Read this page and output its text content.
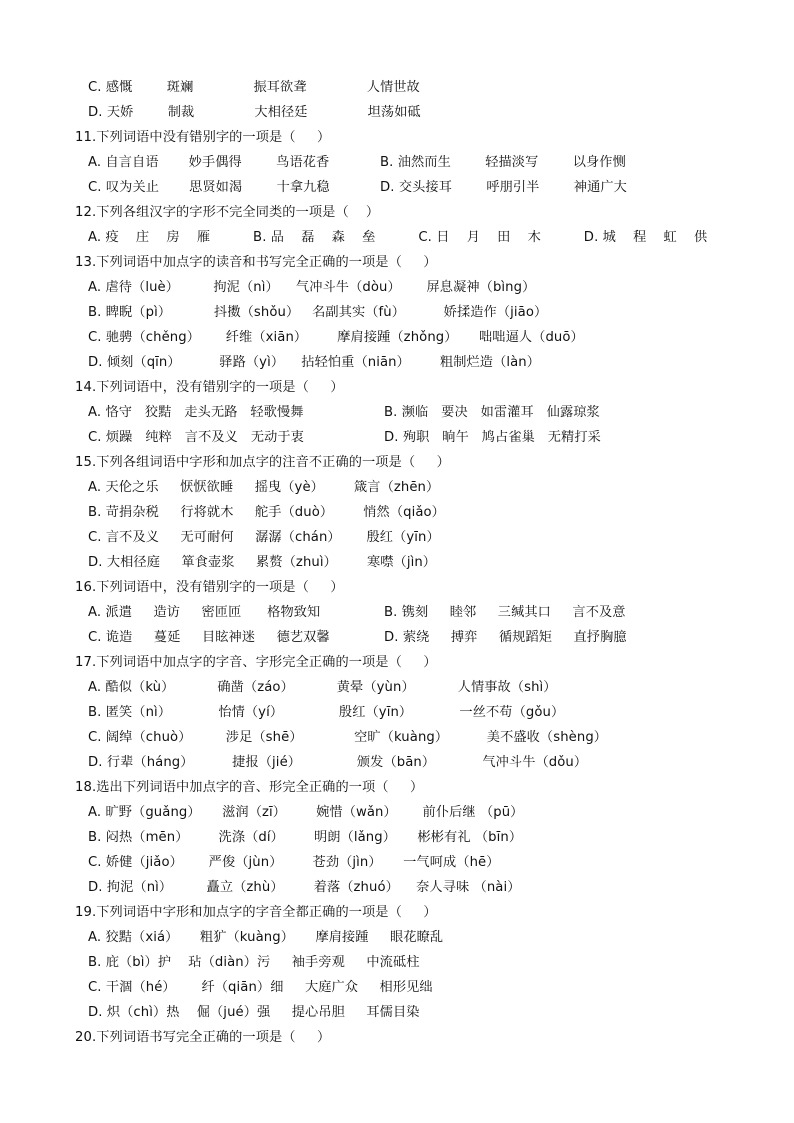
C. 感慨        斑斓              振耳欲聋              人情世故
D. 天娇        制裁              大相径廷              坦荡如砥
11.下列词语中没有错别字的一项是（     ）
A. 自言自语       妙手偶得        鸟语花香	B. 油然而生        轻描淡写        以身作恻
C. 叹为关止       思贤如渴        十拿九稳	D. 交头接耳        呼朋引半        神通广大
12.下列各组汉字的字形不完全同类的一项是（    ）
A. 疫    庄    房    雁          B. 品    磊    森    垒          C. 日    月    田    木          D. 城    程    虹    供
13.下列词语中加点字的读音和书写完全正确的一项是（     ）
A. 虐待（luè）        拘泥（nì）    气冲斗牛（dòu）      屏息凝神（bìng）
B. 睥睨（pì）          抖擞（shǒu）   名副其实（fù）         娇揉造作（jiāo）
C. 驰骋（chěng）      纤维（xiān）       摩肩接踵（zhǒng）     咄咄逼人（duō）
D. 倾刻（qīn）         驿路（yì）    拈轻怕重（niān）       粗制烂造（làn）
14.下列词语中，没有错别字的一项是（     ）
A. 恪守   狡黠   走头无路   轻歌慢舞	B. 濒临   要决   如雷灌耳   仙露琼浆
C. 烦躁   纯粹   言不及义   无动于衷	D. 殉职   晌午   鸠占雀巢   无精打采
15.下列各组词语中字形和加点字的注音不正确的一项是（     ）
A. 天伦之乐     恹恹欲睡     摇曳（yè）       箴言（zhēn）
B. 苛捐杂税     行将就木     舵手（duò）       悄然（qiǎo）
C. 言不及义     无可耐何     潺潺（chán）      殷红（yīn）
D. 大相径庭     箪食壶浆     累赘（zhuì）       寒噤（jìn）
16.下列词语中，没有错别字的一项是（     ）
A. 派遣     造访     密匝匝      格物致知	B. 镌刻     睦邻     三缄其口     言不及意
C. 诡造     蔓延     目眩神迷     德艺双馨	D. 萦绕     搏弈     循规蹈矩     直抒胸臆
17.下列词语中加点字的字音、字形完全正确的一项是（     ）
A. 酷似（kù）          确凿（záo）          黄晕（yùn）          人情事故（shì）
B. 匿笑（nì）           怡情（yí）             殷红（yīn）           一丝不苟（gǒu）
C. 阔绰（chuò）        涉足（shē）            空旷（kuàng）         美不盛收（shèng）
D. 行辈（háng）         捷报（jié）             颁发（bān）           气冲斗牛（dǒu）
18.选出下列词语中加点字的音、形完全正确的一项（     ）
A. 旷野（guǎng）     滋润（zī）       婉惜（wǎn）      前仆后继 （pū）
B. 闷热（mēn）       洗涤（dí）       明朗（lǎng）     彬彬有礼 （bīn）
C. 娇健（jiǎo）      严俊（jùn）       苍劲（jìn）     一气呵成（hē）
D. 拘泥（nì）        矗立（zhù）       着落（zhuó）    奈人寻味 （nài）
19.下列词语中字形和加点字的字音全都正确的一项是（     ）
A. 狡黠（xiá）     粗犷（kuàng）     摩肩接踵     眼花瞭乱
B. 庇（bì）护    玷（diàn）污     袖手旁观     中流砥柱
C. 干涸（hé）      纤（qiān）细     大庭广众     相形见绌
D. 炽（chì）热    倔（jué）强     提心吊胆     耳儒目染
20.下列词语书写完全正确的一项是（     ）
